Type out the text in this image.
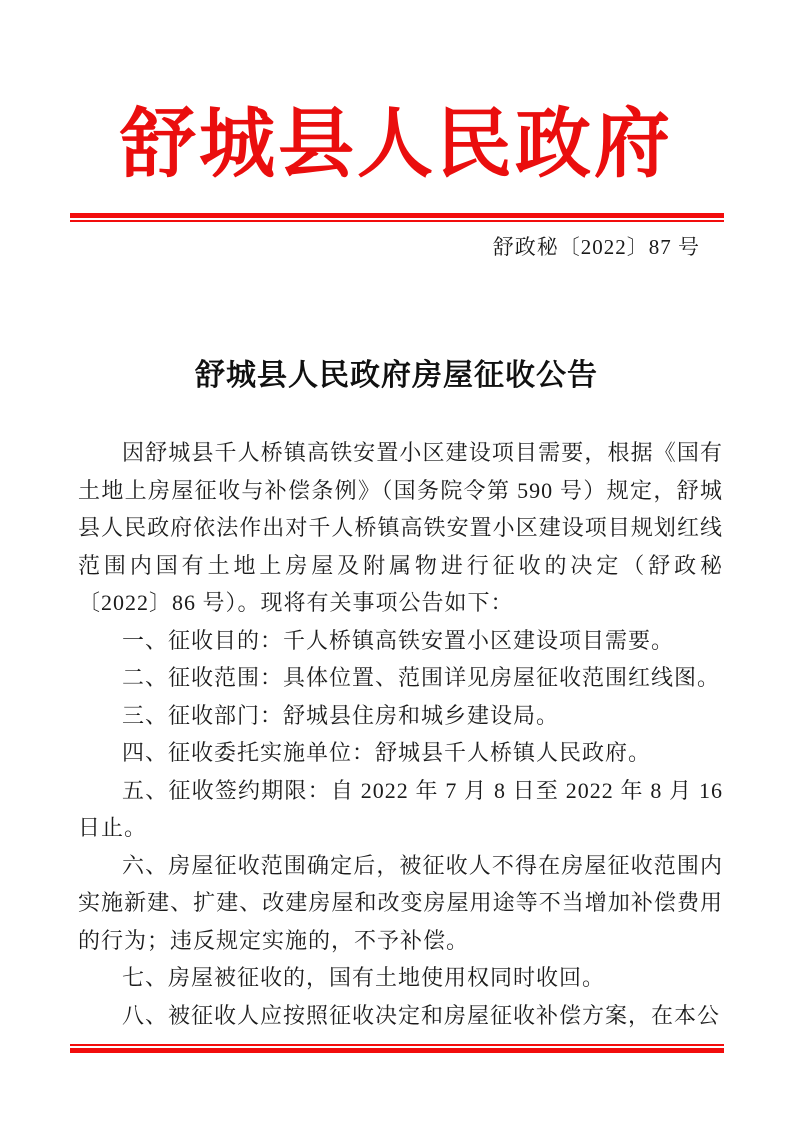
舒城县人民政府
舒政秘〔2022〕87 号
舒城县人民政府房屋征收公告

因舒城县千人桥镇高铁安置小区建设项目需要，根据《国有土地上房屋征收与补偿条例》（国务院令第 590 号）规定，舒城县人民政府依法作出对千人桥镇高铁安置小区建设项目规划红线范围内国有土地上房屋及附属物进行征收的决定（舒政秘〔2022〕86 号）。现将有关事项公告如下：

一、征收目的：千人桥镇高铁安置小区建设项目需要。

二、征收范围：具体位置、范围详见房屋征收范围红线图。

三、征收部门：舒城县住房和城乡建设局。

四、征收委托实施单位：舒城县千人桥镇人民政府。

五、征收签约期限：自 2022 年 7 月 8 日至 2022 年 8 月 16 日止。

六、房屋征收范围确定后，被征收人不得在房屋征收范围内实施新建、扩建、改建房屋和改变房屋用途等不当增加补偿费用的行为；违反规定实施的，不予补偿。

七、房屋被征收的，国有土地使用权同时收回。

八、被征收人应按照征收决定和房屋征收补偿方案，在本公
